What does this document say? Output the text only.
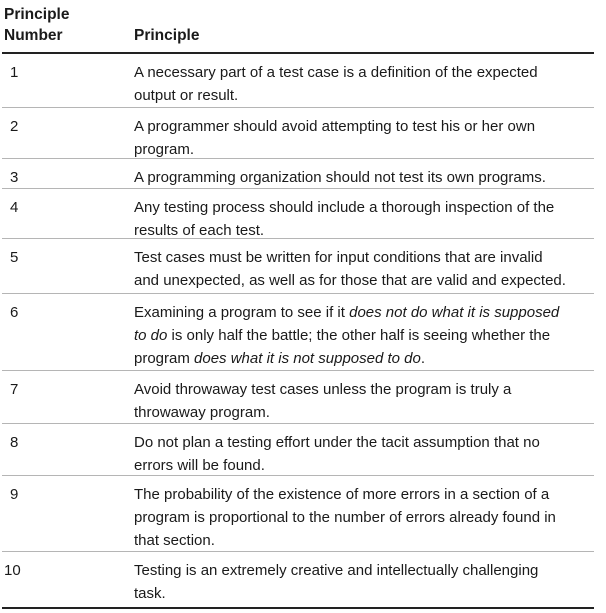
Principle
Number	Principle
1	A necessary part of a test case is a definition of the expected
output or result.
2	A programmer should avoid attempting to test his or her own
program.
3	A programming organization should not test its own programs.
4	Any testing process should include a thorough inspection of the
results of each test.
5	Test cases must be written for input conditions that are invalid
and unexpected, as well as for those that are valid and expected.
6	Examining a program to see if it does not do what it is supposed
to do is only half the battle; the other half is seeing whether the
program does what it is not supposed to do.
7	Avoid throwaway test cases unless the program is truly a
throwaway program.
8	Do not plan a testing effort under the tacit assumption that no
errors will be found.
9	The probability of the existence of more errors in a section of a
program is proportional to the number of errors already found in
that section.
10	Testing is an extremely creative and intellectually challenging
task.
